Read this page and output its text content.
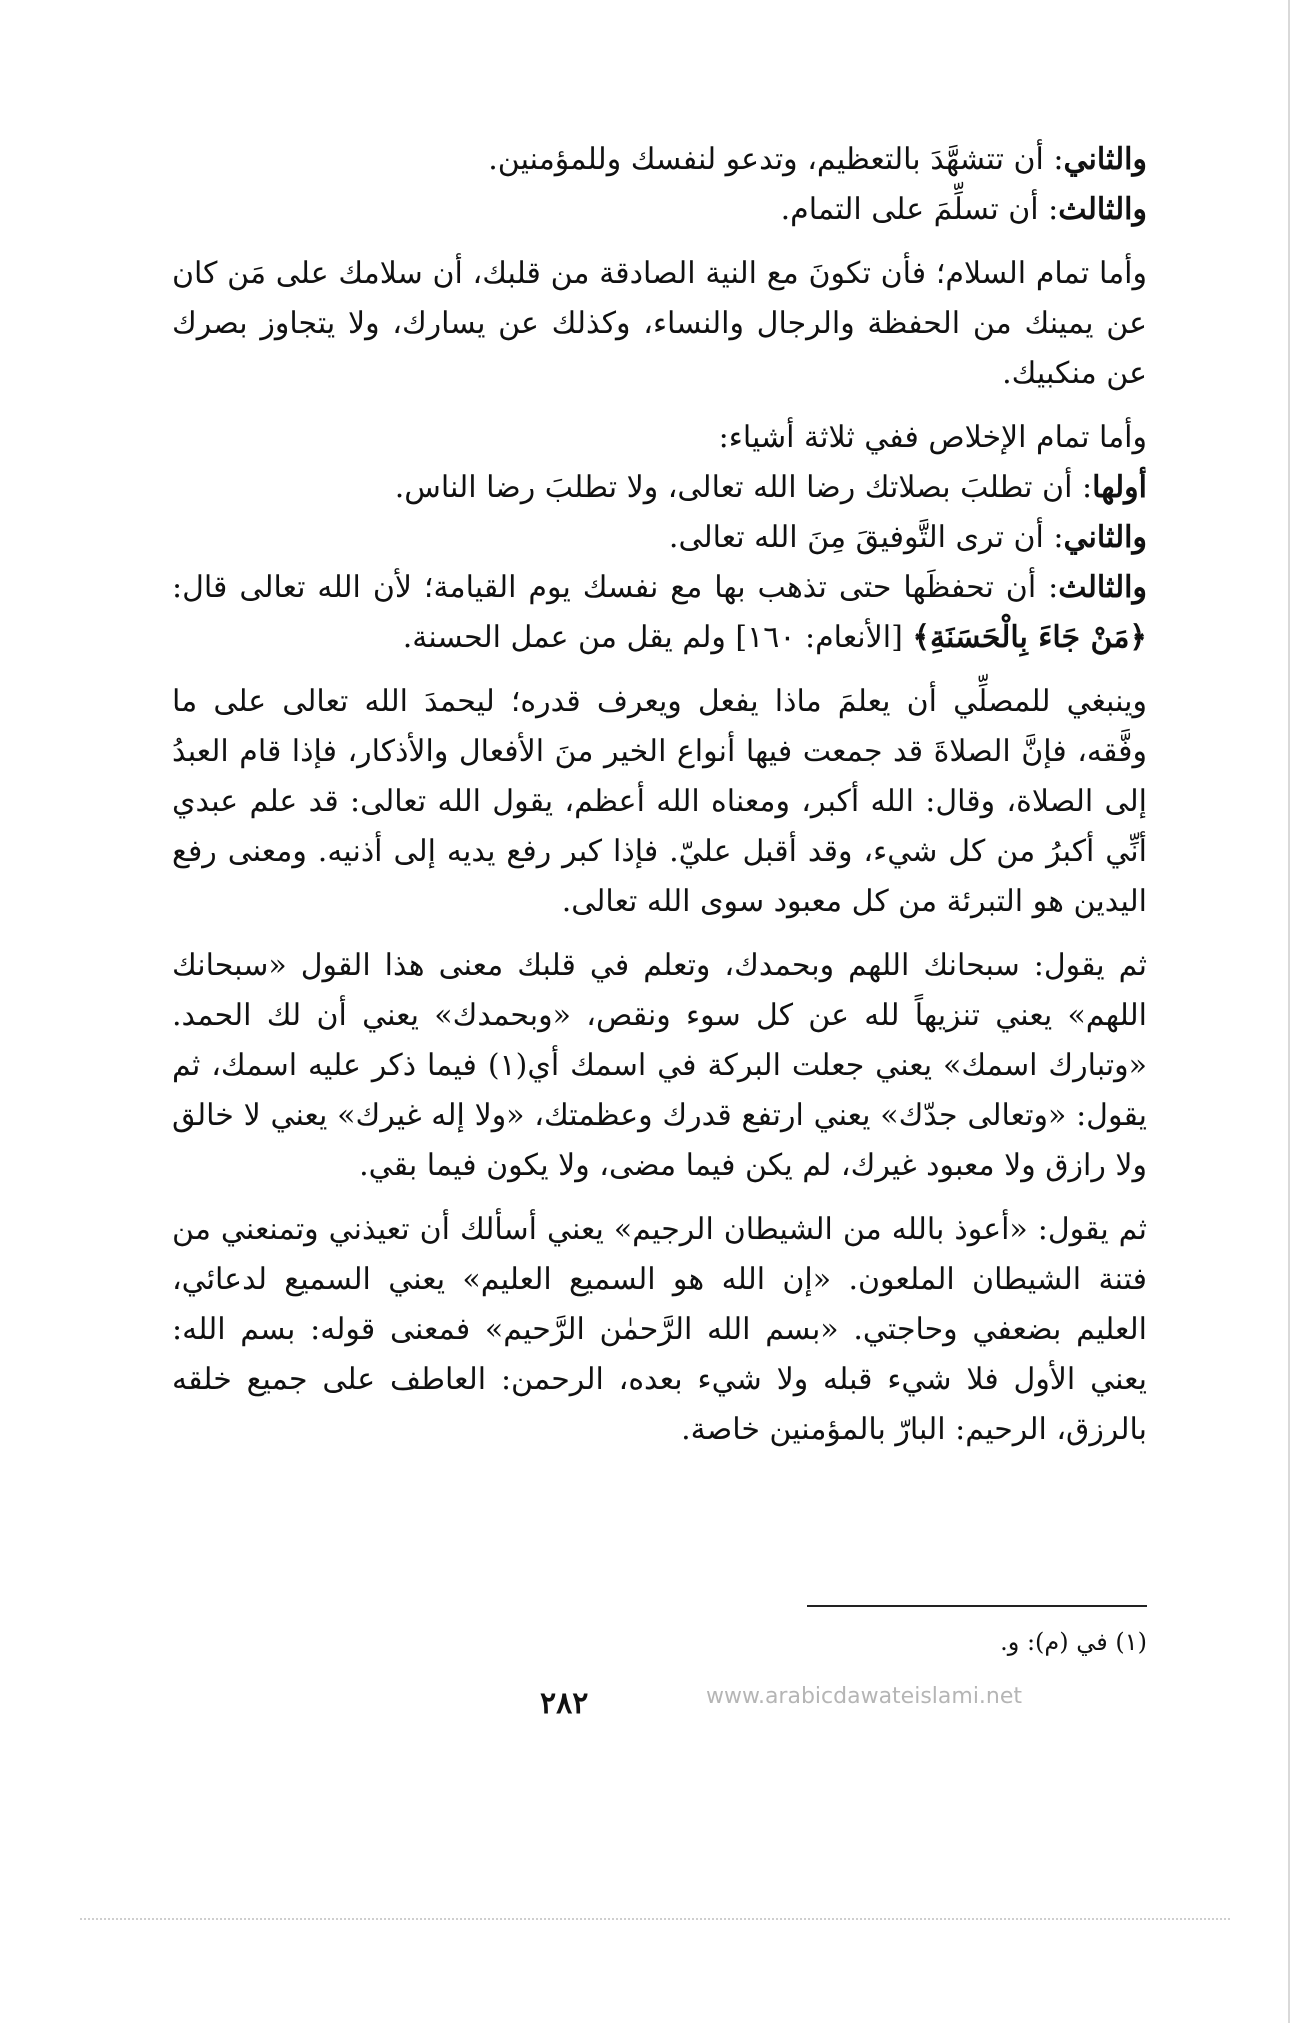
والثاني: أن تتشهَّدَ بالتعظيم، وتدعو لنفسك وللمؤمنين.

والثالث: أن تسلِّمَ على التمام.

وأما تمام السلام؛ فأن تكونَ مع النية الصادقة من قلبك، أن سلامك على مَن كان عن يمينك من الحفظة والرجال والنساء، وكذلك عن يسارك، ولا يتجاوز بصرك عن منكبيك.

وأما تمام الإخلاص ففي ثلاثة أشياء:

أولها: أن تطلبَ بصلاتك رضا الله تعالى، ولا تطلبَ رضا الناس.

والثاني: أن ترى التَّوفيقَ مِنَ الله تعالى.

والثالث: أن تحفظَها حتى تذهب بها مع نفسك يوم القيامة؛ لأن الله تعالى قال: ﴿مَنْ جَاءَ بِالْحَسَنَةِ﴾ [الأنعام: ١٦٠] ولم يقل من عمل الحسنة.

وينبغي للمصلِّي أن يعلمَ ماذا يفعل ويعرف قدره؛ ليحمدَ الله تعالى على ما وفَّقه، فإنَّ الصلاةَ قد جمعت فيها أنواع الخير منَ الأفعال والأذكار، فإذا قام العبدُ إلى الصلاة، وقال: الله أكبر، ومعناه الله أعظم، يقول الله تعالى: قد علم عبدي أنِّي أكبرُ من كل شيء، وقد أقبل عليّ. فإذا كبر رفع يديه إلى أذنيه. ومعنى رفع اليدين هو التبرئة من كل معبود سوى الله تعالى.

ثم يقول: سبحانك اللهم وبحمدك، وتعلم في قلبك معنى هذا القول «سبحانك اللهم» يعني تنزيهاً لله عن كل سوء ونقص، «وبحمدك» يعني أن لك الحمد. «وتبارك اسمك» يعني جعلت البركة في اسمك أي(١) فيما ذكر عليه اسمك، ثم يقول: «وتعالى جدّك» يعني ارتفع قدرك وعظمتك، «ولا إله غيرك» يعني لا خالق ولا رازق ولا معبود غيرك، لم يكن فيما مضى، ولا يكون فيما بقي.

ثم يقول: «أعوذ بالله من الشيطان الرجيم» يعني أسألك أن تعيذني وتمنعني من فتنة الشيطان الملعون. «إن الله هو السميع العليم» يعني السميع لدعائي، العليم بضعفي وحاجتي. «بسم الله الرَّحمٰن الرَّحيم» فمعنى قوله: بسم الله: يعني الأول فلا شيء قبله ولا شيء بعده، الرحمن: العاطف على جميع خلقه بالرزق، الرحيم: البارّ بالمؤمنين خاصة.

(١) في (م): و.
٢٨٢	www.arabicdawateislami.net
